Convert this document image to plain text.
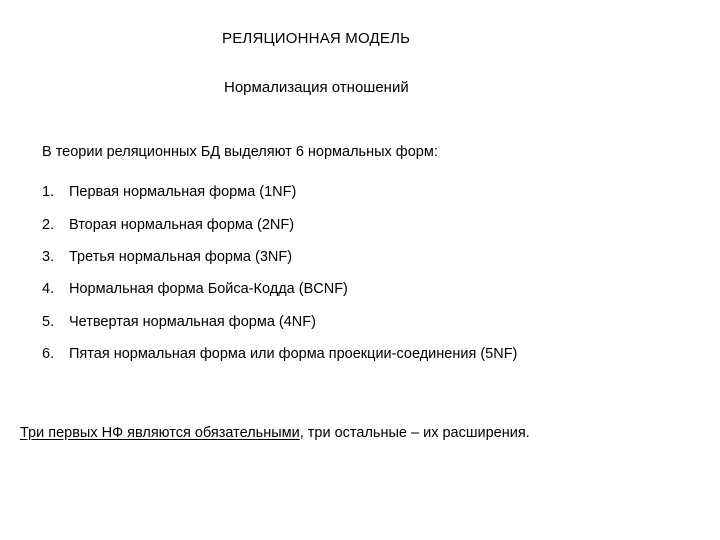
РЕЛЯЦИОННАЯ МОДЕЛЬ
Нормализация отношений
В теории реляционных БД выделяют 6 нормальных форм:
1.	Первая нормальная форма (1NF)
2.	Вторая нормальная форма (2NF)
3.	Третья нормальная форма (3NF)
4.	Нормальная форма Бойса-Кодда (BCNF)
5.	Четвертая нормальная форма (4NF)
6.	Пятая нормальная форма или форма проекции-соединения (5NF)
Три первых НФ являются обязательными, три остальные – их расширения.
